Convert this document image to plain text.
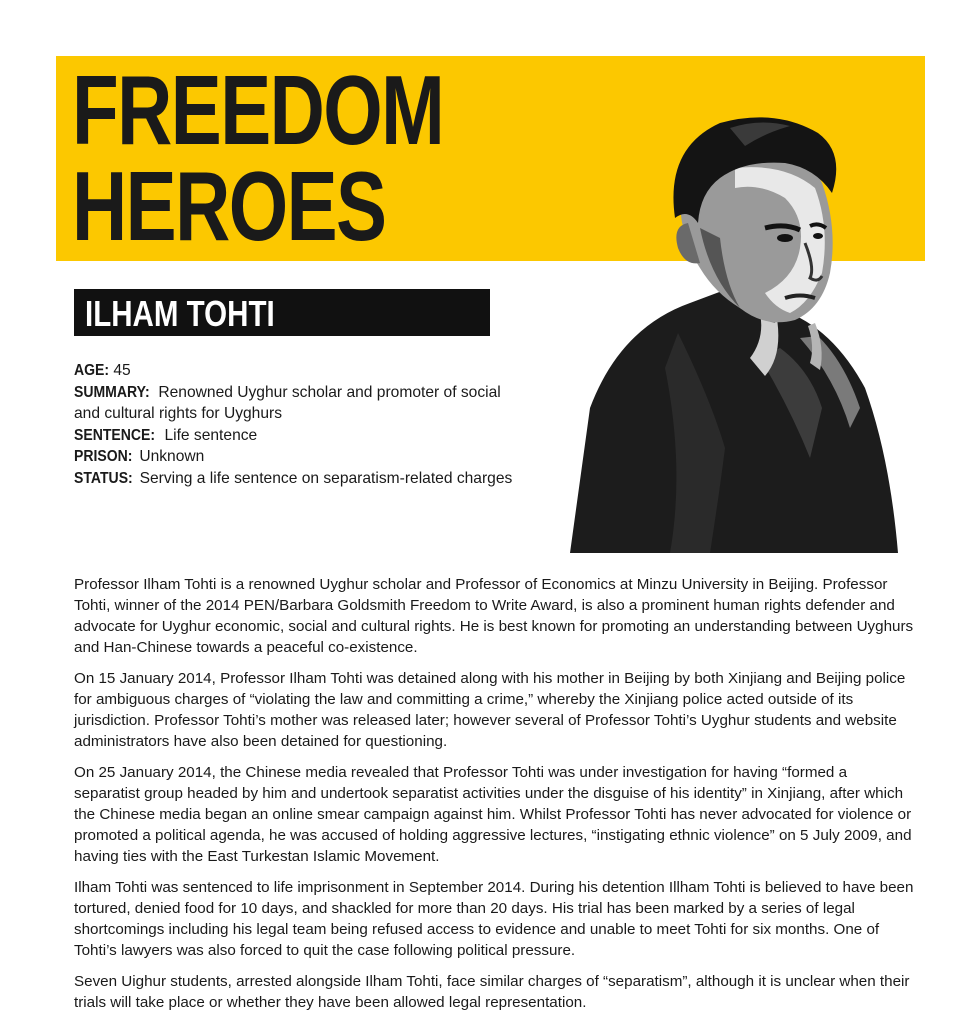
FREEDOM
HEROES
ILHAM TOHTI

AGE: 45

SUMMARY: Renowned Uyghur scholar and promoter of social and cultural rights for Uyghurs

SENTENCE: Life sentence

PRISON: Unknown

STATUS: Serving a life sentence on separatism-related charges

Professor Ilham Tohti is a renowned Uyghur scholar and Professor of Economics at Minzu University in Beijing. Professor Tohti, winner of the 2014 PEN/Barbara Goldsmith Freedom to Write Award, is also a prominent human rights defender and advocate for Uyghur economic, social and cultural rights. He is best known for promoting an understanding between Uyghurs and Han-Chinese towards a peaceful co-existence.

On 15 January 2014, Professor Ilham Tohti was detained along with his mother in Beijing by both Xinjiang and Beijing police for ambiguous charges of “violating the law and committing a crime,” whereby the Xinjiang police acted outside of its jurisdiction. Professor Tohti’s mother was released later; however several of Professor Tohti’s Uyghur students and website administrators have also been detained for questioning.

On 25 January 2014, the Chinese media revealed that Professor Tohti was under investigation for having “formed a separatist group headed by him and undertook separatist activities under the disguise of his identity” in Xinjiang, after which the Chinese media began an online smear campaign against him. Whilst Professor Tohti has never advocated for violence or promoted a political agenda, he was accused of holding aggressive lectures, “instigating ethnic violence” on 5 July 2009, and having ties with the East Turkestan Islamic Movement.

Ilham Tohti was sentenced to life imprisonment in September 2014. During his detention Illham Tohti is believed to have been tortured, denied food for 10 days, and shackled for more than 20 days. His trial has been marked by a series of legal shortcomings including his legal team being refused access to evidence and unable to meet Tohti for six months. One of Tohti’s lawyers was also forced to quit the case following political pressure.

Seven Uighur students, arrested alongside Ilham Tohti, face similar charges of “separatism”, although it is unclear when their trials will take place or whether they have been allowed legal representation.
